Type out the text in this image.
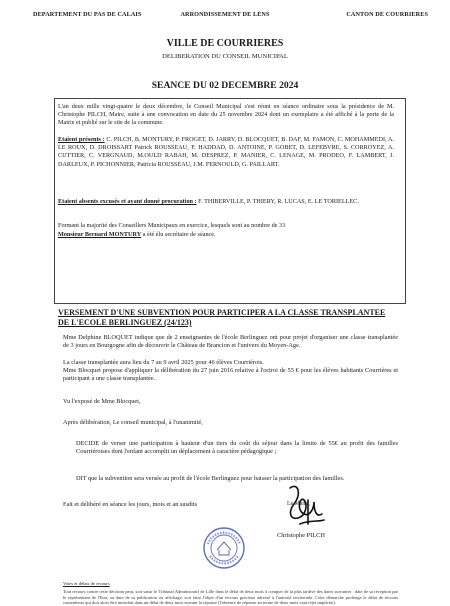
DEPARTEMENT DU PAS DE CALAIS	ARRONDISSEMENT DE LENS	CANTON DE COURRIERES
VILLE DE COURRIERES
DELIBERATION DU CONSEIL MUNICIPAL
SEANCE DU 02 DECEMBRE 2024

L'an deux mille vingt-quatre le deux décembre, le Conseil Municipal s'est réuni en séance ordinaire sous la présidence de M. Christophe PILCH, Maire, suite à une convocation en date du 25 novembre 2024 dont un exemplaire a été affiché à la porte de la Mairie et publié sur le site de la commune.

Etaient présents : C. PILCH, B. MONTURY, P. FROGET, D. JARRY, D. BLOCQUET, B. DAF, M. FAMON, C. MOHAMMEDI, A. LE ROUX, D. DROISSART Patrick ROUSSEAU, F. HADDAD, D. ANTOINE, P. GOBET, D. LEFEBVRE, S. CORROYEZ, A. CUTTIER, C. VERGNAUD, M.OULD RABAH, M. DESPREZ, P. MANIER, C. LENAGE, M. PRODEO, F. LAMBERT, J. DARLEUX, P. PICHONNIER, Patricia ROUSSEAU, J.M. FERNOULD, G. PAILLART.

Etaient absents excusés et ayant donné procuration : F. THIBERVILLE, P. THIERY, R. LUCAS, E. LE TORIELLEC.

Formant la majorité des Conseillers Municipaux en exercice, lesquels sont au nombre de 33

Monsieur Bernard MONTURY a été élu secrétaire de séance.

VERSEMENT D'UNE SUBVENTION POUR PARTICIPER A LA CLASSE TRANSPLANTEE DE L'ECOLE BERLINGUEZ (24/123)

Mme Delphine BLOQUET indique que de 2 enseignantes de l'école Berlinguez ont pour projet d'organiser une classe transplantée de 3 jours en Bourgogne afin de découvrir le Château de Brancion et l'univers du Moyen-Age.

La classe transplantée aura lieu du 7 au 9 avril 2025 pour 46 élèves Courriérois.

Mme Blocquet propose d'appliquer la délibération du 27 juin 2016 relative à l'octroi de 55 € pour les élèves habitants Courrières et participant à une classe transplantée.

Vu l'exposé de Mme Blocquet,

Après délibération, Le conseil municipal, à l'unanimité,

DECIDE de verser une participation à hauteur d'un tiers du coût du séjour dans la limite de 55€ au profit des familles Courriéroises dont l'enfant accomplit un déplacement à caractère pédagogique ;

DIT que la subvention sera versée au profit de l'école Berlinguez pour baisser la participation des familles.

Fait et délibéré en séance les jours, mois et an susdits	Le Maire,
Christophe PILCH
Voies et délais de recours

Tout recours contre cette décision peut, soit saisir le Tribunal Administratif de Lille dans le délai de deux mois à compter de la plus tardive des dates suivantes : date de sa réception par le représentant de l'Etat, ou date de sa publication ou affichage, soit faire l'objet d'un recours gracieux adressé à l'autorité territoriale. Cette démarche prolonge le délai de recours contentieux qui doit alors être introduit dans un délai de deux mois suivant la réponse (l'absence de réponse au terme de deux mois vaut rejet implicite).
